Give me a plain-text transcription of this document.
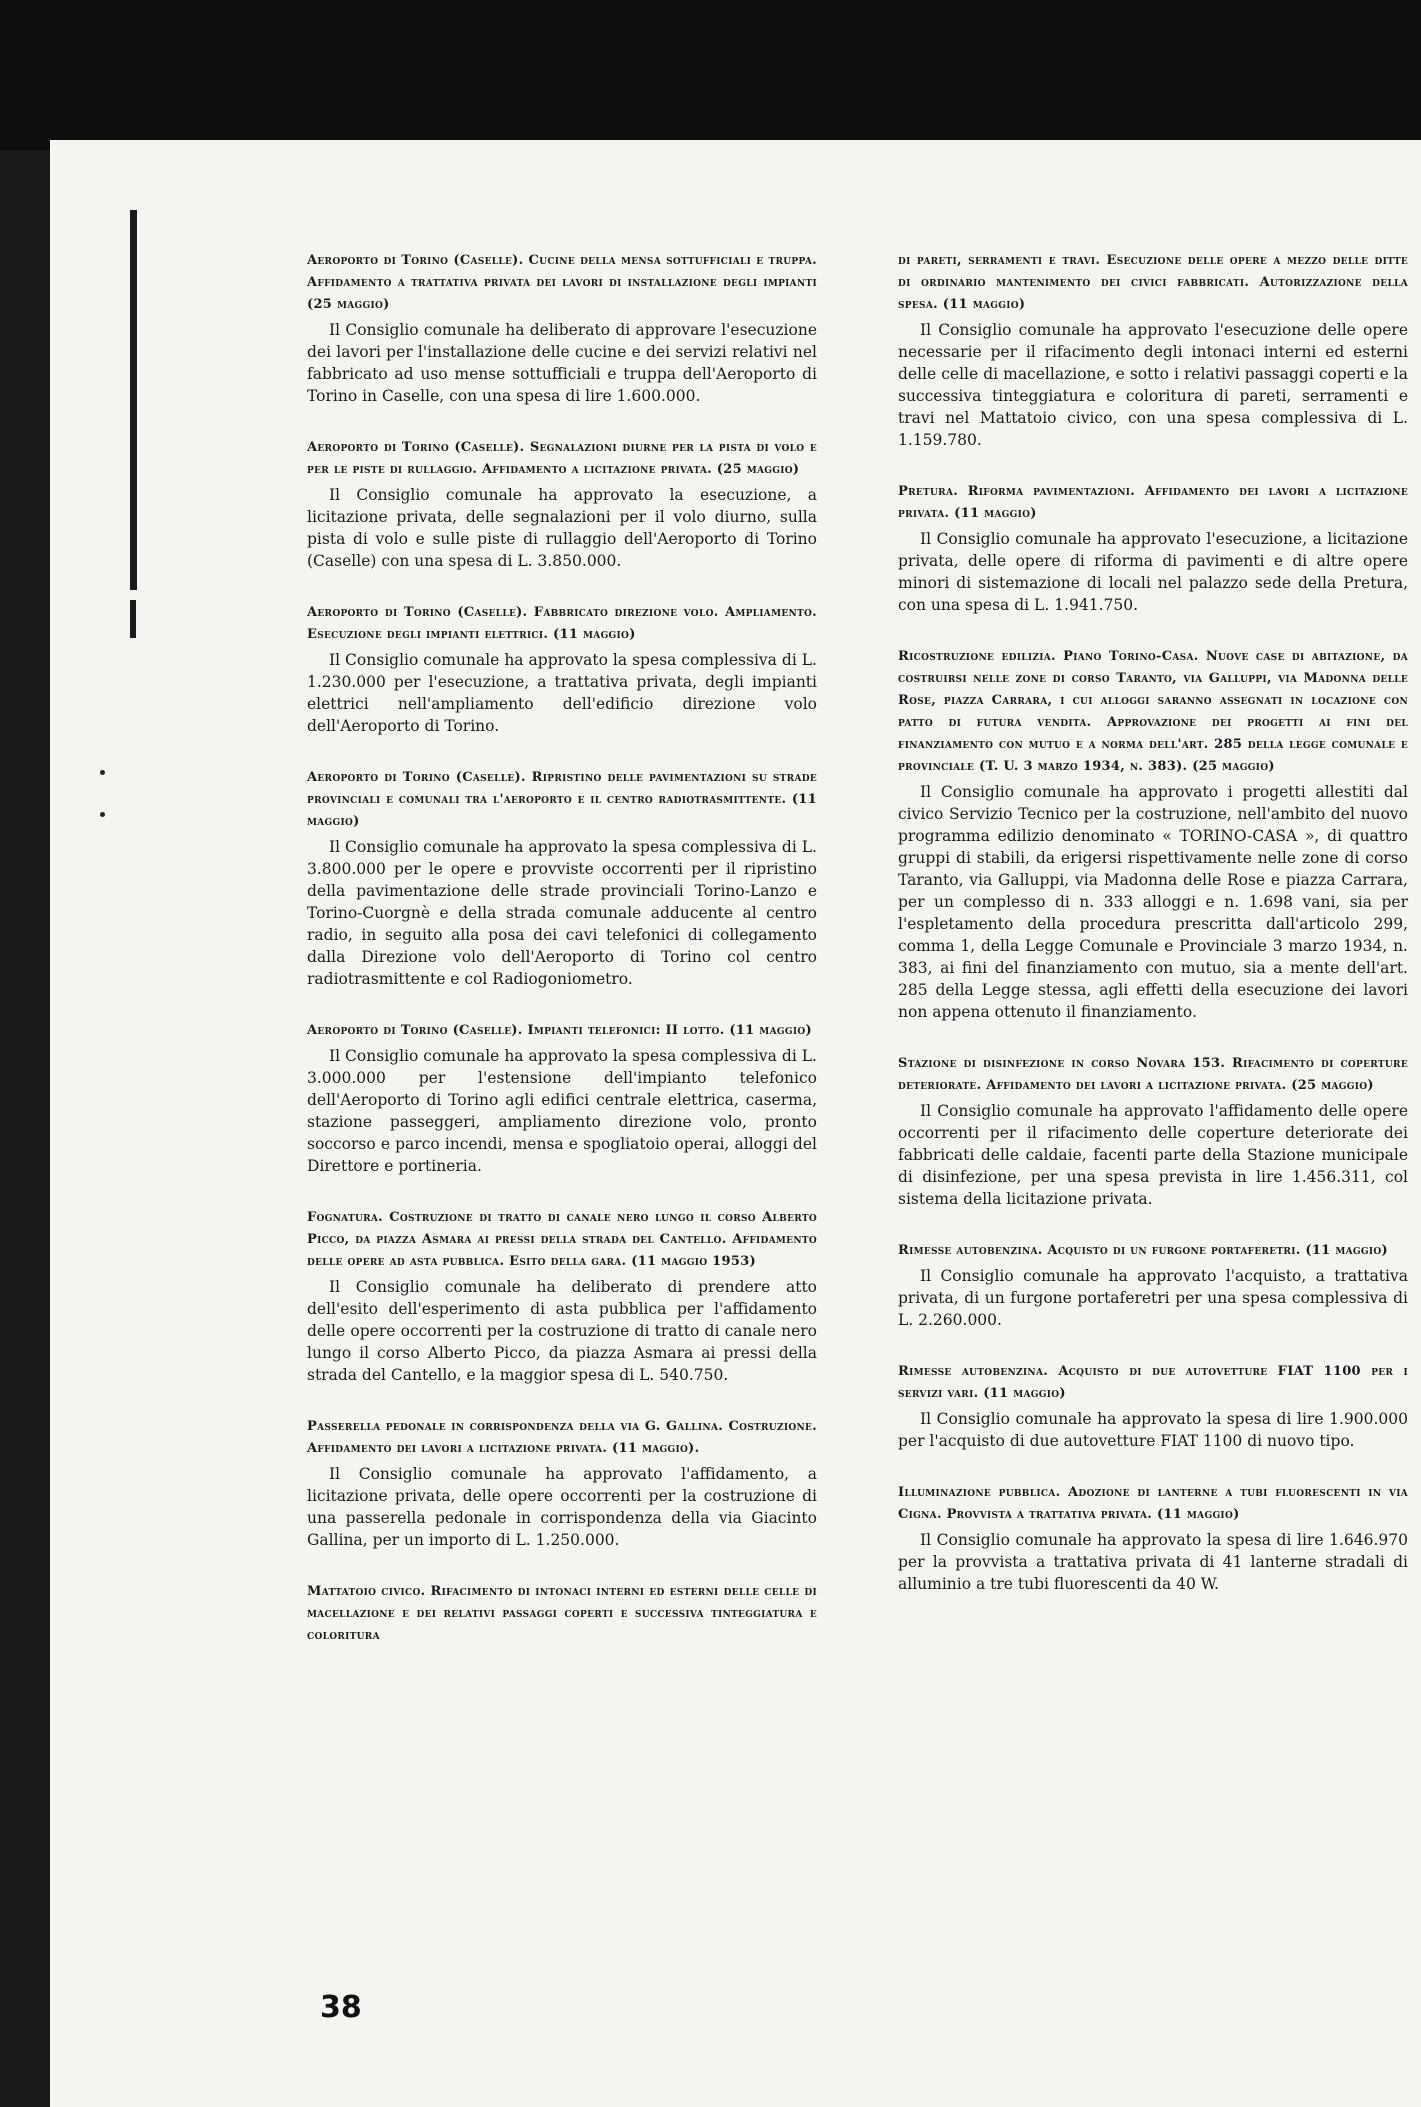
Aeroporto di Torino (Caselle). Cucine della mensa sottufficiali e truppa. Affidamento a trattativa privata dei lavori di installazione degli impianti (25 maggio)

Il Consiglio comunale ha deliberato di approvare l'esecuzione dei lavori per l'installazione delle cucine e dei servizi relativi nel fabbricato ad uso mense sottufficiali e truppa dell'Aeroporto di Torino in Caselle, con una spesa di lire 1.600.000.

Aeroporto di Torino (Caselle). Segnalazioni diurne per la pista di volo e per le piste di rullaggio. Affidamento a licitazione privata. (25 maggio)

Il Consiglio comunale ha approvato la esecuzione, a licitazione privata, delle segnalazioni per il volo diurno, sulla pista di volo e sulle piste di rullaggio dell'Aeroporto di Torino (Caselle) con una spesa di L. 3.850.000.

Aeroporto di Torino (Caselle). Fabbricato direzione volo. Ampliamento. Esecuzione degli impianti elettrici. (11 maggio)

Il Consiglio comunale ha approvato la spesa complessiva di L. 1.230.000 per l'esecuzione, a trattativa privata, degli impianti elettrici nell'ampliamento dell'edificio direzione volo dell'Aeroporto di Torino.

Aeroporto di Torino (Caselle). Ripristino delle pavimentazioni su strade provinciali e comunali tra l'aeroporto e il centro radiotrasmittente. (11 maggio)

Il Consiglio comunale ha approvato la spesa complessiva di L. 3.800.000 per le opere e provviste occorrenti per il ripristino della pavimentazione delle strade provinciali Torino-Lanzo e Torino-Cuorgnè e della strada comunale adducente al centro radio, in seguito alla posa dei cavi telefonici di collegamento dalla Direzione volo dell'Aeroporto di Torino col centro radiotrasmittente e col Radiogoniometro.

Aeroporto di Torino (Caselle). Impianti telefonici: II lotto. (11 maggio)

Il Consiglio comunale ha approvato la spesa complessiva di L. 3.000.000 per l'estensione dell'impianto telefonico dell'Aeroporto di Torino agli edifici centrale elettrica, caserma, stazione passeggeri, ampliamento direzione volo, pronto soccorso e parco incendi, mensa e spogliatoio operai, alloggi del Direttore e portineria.

Fognatura. Costruzione di tratto di canale nero lungo il corso Alberto Picco, da piazza Asmara ai pressi della strada del Cantello. Affidamento delle opere ad asta pubblica. Esito della gara. (11 maggio 1953)

Il Consiglio comunale ha deliberato di prendere atto dell'esito dell'esperimento di asta pubblica per l'affidamento delle opere occorrenti per la costruzione di tratto di canale nero lungo il corso Alberto Picco, da piazza Asmara ai pressi della strada del Cantello, e la maggior spesa di L. 540.750.

Passerella pedonale in corrispondenza della via G. Gallina. Costruzione. Affidamento dei lavori a licitazione privata. (11 maggio).

Il Consiglio comunale ha approvato l'affidamento, a licitazione privata, delle opere occorrenti per la costruzione di una passerella pedonale in corrispondenza della via Giacinto Gallina, per un importo di L. 1.250.000.

Mattatoio civico. Rifacimento di intonaci interni ed esterni delle celle di macellazione e dei relativi passaggi coperti e successiva tinteggiatura e coloritura

di pareti, serramenti e travi. Esecuzione delle opere a mezzo delle ditte di ordinario mantenimento dei civici fabbricati. Autorizzazione della spesa. (11 maggio)

Il Consiglio comunale ha approvato l'esecuzione delle opere necessarie per il rifacimento degli intonaci interni ed esterni delle celle di macellazione, e sotto i relativi passaggi coperti e la successiva tinteggiatura e coloritura di pareti, serramenti e travi nel Mattatoio civico, con una spesa complessiva di L. 1.159.780.

Pretura. Riforma pavimentazioni. Affidamento dei lavori a licitazione privata. (11 maggio)

Il Consiglio comunale ha approvato l'esecuzione, a licitazione privata, delle opere di riforma di pavimenti e di altre opere minori di sistemazione di locali nel palazzo sede della Pretura, con una spesa di L. 1.941.750.

Ricostruzione edilizia. Piano Torino-Casa. Nuove case di abitazione, da costruirsi nelle zone di corso Taranto, via Galluppi, via Madonna delle Rose, piazza Carrara, i cui alloggi saranno assegnati in locazione con patto di futura vendita. Approvazione dei progetti ai fini del finanziamento con mutuo e a norma dell'art. 285 della legge comunale e provinciale (T. U. 3 marzo 1934, n. 383). (25 maggio)

Il Consiglio comunale ha approvato i progetti allestiti dal civico Servizio Tecnico per la costruzione, nell'ambito del nuovo programma edilizio denominato « TORINO-CASA », di quattro gruppi di stabili, da erigersi rispettivamente nelle zone di corso Taranto, via Galluppi, via Madonna delle Rose e piazza Carrara, per un complesso di n. 333 alloggi e n. 1.698 vani, sia per l'espletamento della procedura prescritta dall'articolo 299, comma 1, della Legge Comunale e Provinciale 3 marzo 1934, n. 383, ai fini del finanziamento con mutuo, sia a mente dell'art. 285 della Legge stessa, agli effetti della esecuzione dei lavori non appena ottenuto il finanziamento.

Stazione di disinfezione in corso Novara 153. Rifacimento di coperture deteriorate. Affidamento dei lavori a licitazione privata. (25 maggio)

Il Consiglio comunale ha approvato l'affidamento delle opere occorrenti per il rifacimento delle coperture deteriorate dei fabbricati delle caldaie, facenti parte della Stazione municipale di disinfezione, per una spesa prevista in lire 1.456.311, col sistema della licitazione privata.

Rimesse autobenzina. Acquisto di un furgone portaferetri. (11 maggio)

Il Consiglio comunale ha approvato l'acquisto, a trattativa privata, di un furgone portaferetri per una spesa complessiva di L. 2.260.000.

Rimesse autobenzina. Acquisto di due autovetture FIAT 1100 per i servizi vari. (11 maggio)

Il Consiglio comunale ha approvato la spesa di lire 1.900.000 per l'acquisto di due autovetture FIAT 1100 di nuovo tipo.

Illuminazione pubblica. Adozione di lanterne a tubi fluorescenti in via Cigna. Provvista a trattativa privata. (11 maggio)

Il Consiglio comunale ha approvato la spesa di lire 1.646.970 per la provvista a trattativa privata di 41 lanterne stradali di alluminio a tre tubi fluorescenti da 40 W.

38
